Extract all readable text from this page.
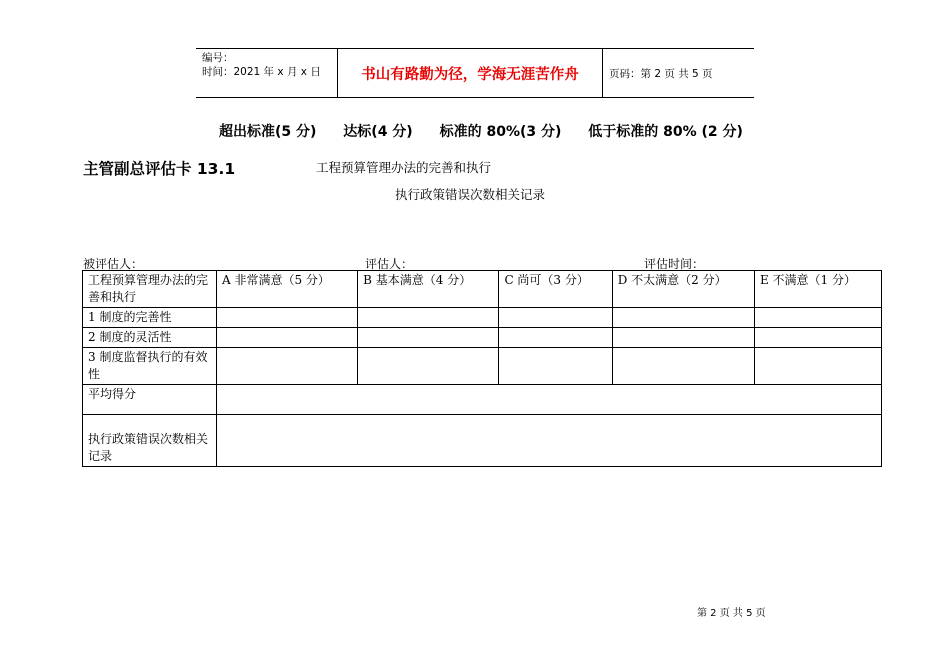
编号：
时间：2021 年 x 月 x 日	书山有路勤为径，学海无涯苦作舟	页码：第 2 页 共 5 页
超出标准(5 分) 达标(4 分) 标准的 80%(3 分) 低于标准的 80% (2 分)
主管副总评估卡 13.1	工程预算管理办法的完善和执行
执行政策错误次数相关记录
被评估人：	评估人：	评估时间：
工程预算管理办法的完善和执行	A 非常满意（5 分）	B 基本满意（4 分）	C 尚可（3 分）	D 不太满意（2 分）	E 不满意（1 分）
1 制度的完善性					
2 制度的灵活性					
3 制度监督执行的有效性					
平均得分					
执行政策错误次数相关记录					
第 2 页 共 5 页
